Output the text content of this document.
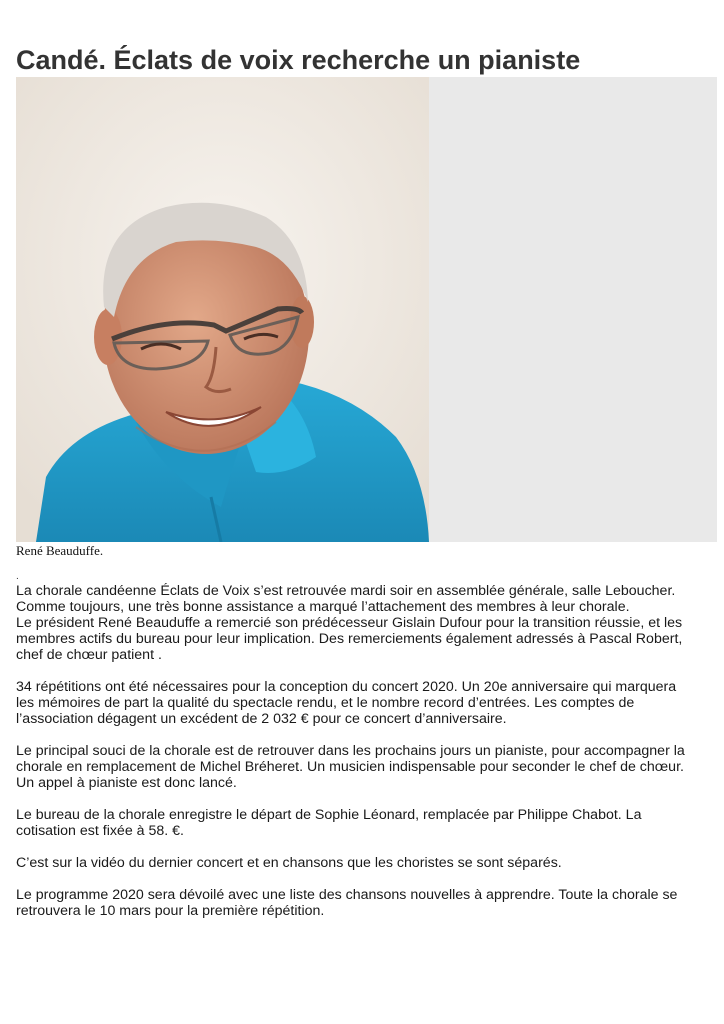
Candé. Éclats de voix recherche un pianiste
René Beauduffe.
.
La chorale candéenne Éclats de Voix s’est retrouvée mardi soir en assemblée générale, salle Leboucher.
Comme toujours, une très bonne assistance a marqué l’attachement des membres à leur chorale.
Le président René Beauduffe a remercié son prédécesseur Gislain Dufour pour la transition réussie, et les
membres actifs du bureau pour leur implication. Des remerciements également adressés à Pascal Robert,
chef de chœur patient .
34 répétitions ont été nécessaires pour la conception du concert 2020. Un 20e anniversaire qui marquera
les mémoires de part la qualité du spectacle rendu, et le nombre record d’entrées. Les comptes de
l’association dégagent un excédent de 2 032 € pour ce concert d’anniversaire.
Le principal souci de la chorale est de retrouver dans les prochains jours un pianiste, pour accompagner la
chorale en remplacement de Michel Bréheret. Un musicien indispensable pour seconder le chef de chœur.
Un appel à pianiste est donc lancé.
Le bureau de la chorale enregistre le départ de Sophie Léonard, remplacée par Philippe Chabot. La
cotisation est fixée à 58. €.
C’est sur la vidéo du dernier concert et en chansons que les choristes se sont séparés.
Le programme 2020 sera dévoilé avec une liste des chansons nouvelles à apprendre. Toute la chorale se
retrouvera le 10 mars pour la première répétition.
